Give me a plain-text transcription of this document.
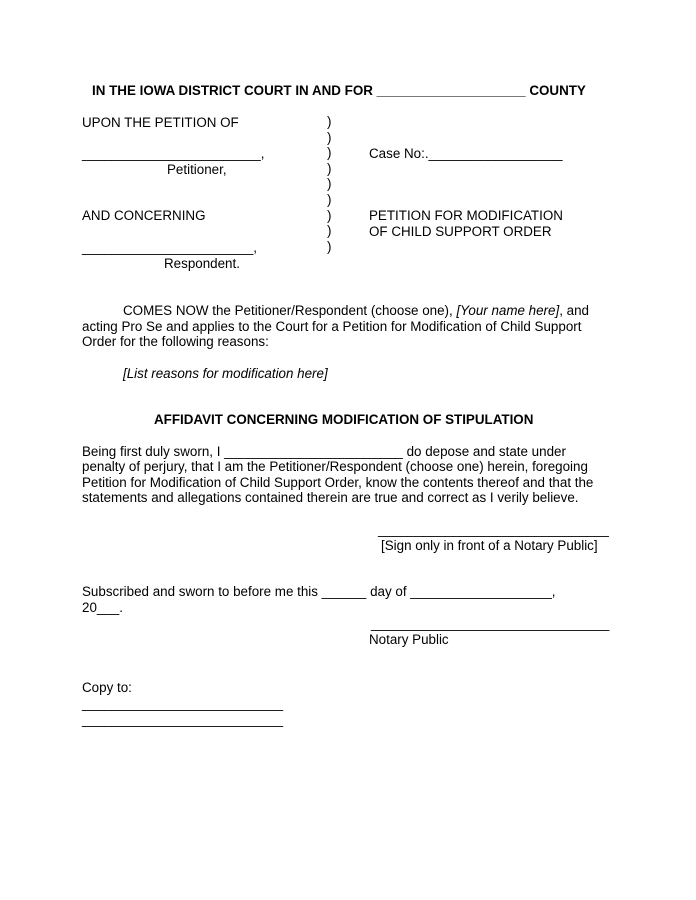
IN THE IOWA DISTRICT COURT IN AND FOR ____________________ COUNTY
UPON THE PETITION OF
________________________,
Petitioner,
AND CONCERNING
_______________________,
Respondent.
)
)
)
)
)
)
)
)
)
Case No:.__________________
PETITION FOR MODIFICATION
OF CHILD SUPPORT ORDER
COMES NOW the Petitioner/Respondent (choose one), [Your name here], and
acting Pro Se and applies to the Court for a Petition for Modification of Child Support
Order for the following reasons:
[List reasons for modification here]
AFFIDAVIT CONCERNING MODIFICATION OF STIPULATION
Being first duly sworn, I ________________________ do depose and state under
penalty of perjury, that I am the Petitioner/Respondent (choose one) herein, foregoing
Petition for Modification of Child Support Order, know the contents thereof and that the
statements and allegations contained therein are true and correct as I verily believe.
_______________________________
[Sign only in front of a Notary Public]
Subscribed and sworn to before me this ______ day of ___________________,
20___.
________________________________
Notary Public
Copy to:
___________________________
___________________________
